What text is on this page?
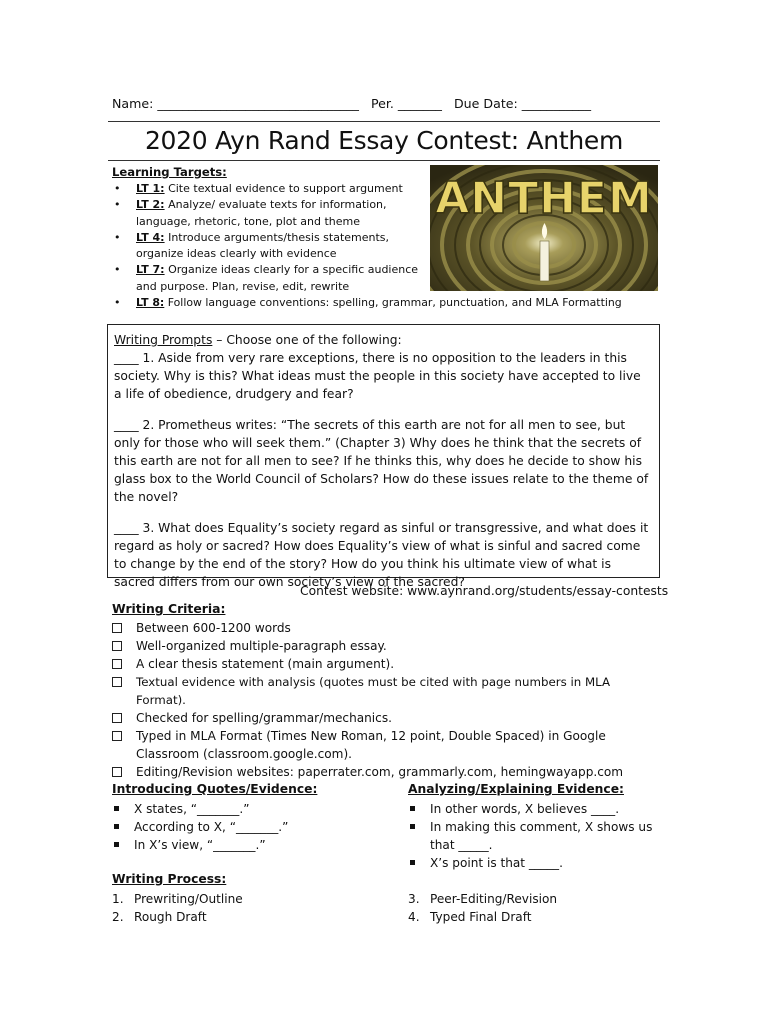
Name: ________________________________ Per. _______ Due Date: ___________
2020 Ayn Rand Essay Contest: Anthem
Learning Targets:
• LT 1: Cite textual evidence to support argument
• LT 2: Analyze/ evaluate texts for information, language, rhetoric, tone, plot and theme
• LT 4: Introduce arguments/thesis statements, organize ideas clearly with evidence
• LT 7: Organize ideas clearly for a specific audience and purpose. Plan, revise, edit, rewrite
• LT 8: Follow language conventions: spelling, grammar, punctuation, and MLA Formatting
ANTHEM

Writing Prompts – Choose one of the following:

____ 1. Aside from very rare exceptions, there is no opposition to the leaders in this society. Why is this? What ideas must the people in this society have accepted to live a life of obedience, drudgery and fear?

____ 2. Prometheus writes: “The secrets of this earth are not for all men to see, but only for those who will seek them.” (Chapter 3) Why does he think that the secrets of this earth are not for all men to see? If he thinks this, why does he decide to show his glass box to the World Council of Scholars? How do these issues relate to the theme of the novel?

____ 3. What does Equality’s society regard as sinful or transgressive, and what does it regard as holy or sacred? How does Equality’s view of what is sinful and sacred come to change by the end of the story? How do you think his ultimate view of what is sacred differs from our own society’s view of the sacred?

Contest website: www.aynrand.org/students/essay-contests
Writing Criteria:
Between 600-1200 words
Well-organized multiple-paragraph essay.
A clear thesis statement (main argument).
Textual evidence with analysis (quotes must be cited with page numbers in MLA Format).
Checked for spelling/grammar/mechanics.
Typed in MLA Format (Times New Roman, 12 point, Double Spaced) in Google Classroom (classroom.google.com).
Editing/Revision websites: paperrater.com, grammarly.com, hemingwayapp.com
Introducing Quotes/Evidence:
X states, “_______.”
According to X, “_______.”
In X’s view, “_______.”
Analyzing/Explaining Evidence:
In other words, X believes ____.
In making this comment, X shows us that _____.
X’s point is that _____.
Writing Process:
1. Prewriting/Outline
2. Rough Draft
3. Peer-Editing/Revision
4. Typed Final Draft
